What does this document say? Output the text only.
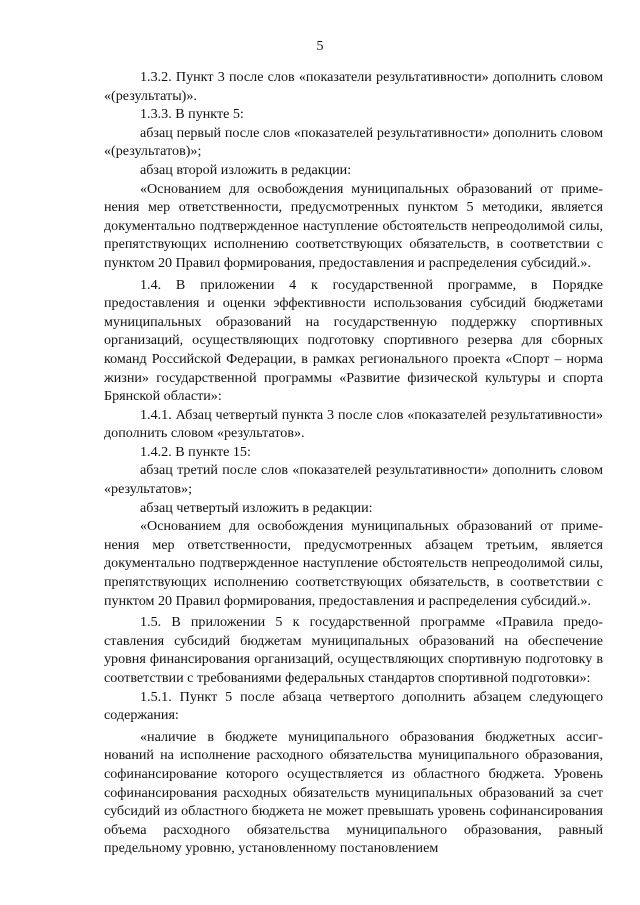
5

1.3.2. Пункт 3 после слов «показатели результативности» дополнить словом «(результаты)».

1.3.3. В пункте 5:

абзац первый после слов «показателей результативности» дополнить словом «(результатов)»;

абзац второй изложить в редакции:

«Основанием для освобождения муниципальных образований от применения мер ответственности, предусмотренных пунктом 5 методики, является документально подтвержденное наступление обстоятельств непреодолимой силы, препятствующих исполнению соответствующих обязательств, в соответствии с пунктом 20 Правил формирования, предоставления и распределения субсидий.».

1.4. В приложении 4 к государственной программе, в Порядке предоставления и оценки эффективности использования субсидий бюджетами муниципальных образований на государственную поддержку спортивных организаций, осуществляющих подготовку спортивного резерва для сборных команд Российской Федерации, в рамках регионального проекта «Спорт – норма жизни» государственной программы «Развитие физической культуры и спорта Брянской области»:

1.4.1. Абзац четвертый пункта 3 после слов «показателей результативности» дополнить словом «результатов».

1.4.2. В пункте 15:

абзац третий после слов «показателей результативности» дополнить словом «результатов»;

абзац четвертый изложить в редакции:

«Основанием для освобождения муниципальных образований от применения мер ответственности, предусмотренных абзацем третьим, является документально подтвержденное наступление обстоятельств непреодолимой силы, препятствующих исполнению соответствующих обязательств, в соответствии с пунктом 20 Правил формирования, предоставления и распределения субсидий.».

1.5. В приложении 5 к государственной программе «Правила предоставления субсидий бюджетам муниципальных образований на обеспечение уровня финансирования организаций, осуществляющих спортивную подготовку в соответствии с требованиями федеральных стандартов спортивной подготовки»:

1.5.1. Пункт 5 после абзаца четвертого дополнить абзацем следующего содержания:

«наличие в бюджете муниципального образования бюджетных ассигнований на исполнение расходного обязательства муниципального образования, софинансирование которого осуществляется из областного бюджета. Уровень софинансирования расходных обязательств муниципальных образований за счет субсидий из областного бюджета не может превышать уровень софинансирования объема расходного обязательства муниципального образования, равный предельному уровню, установленному постановлением
